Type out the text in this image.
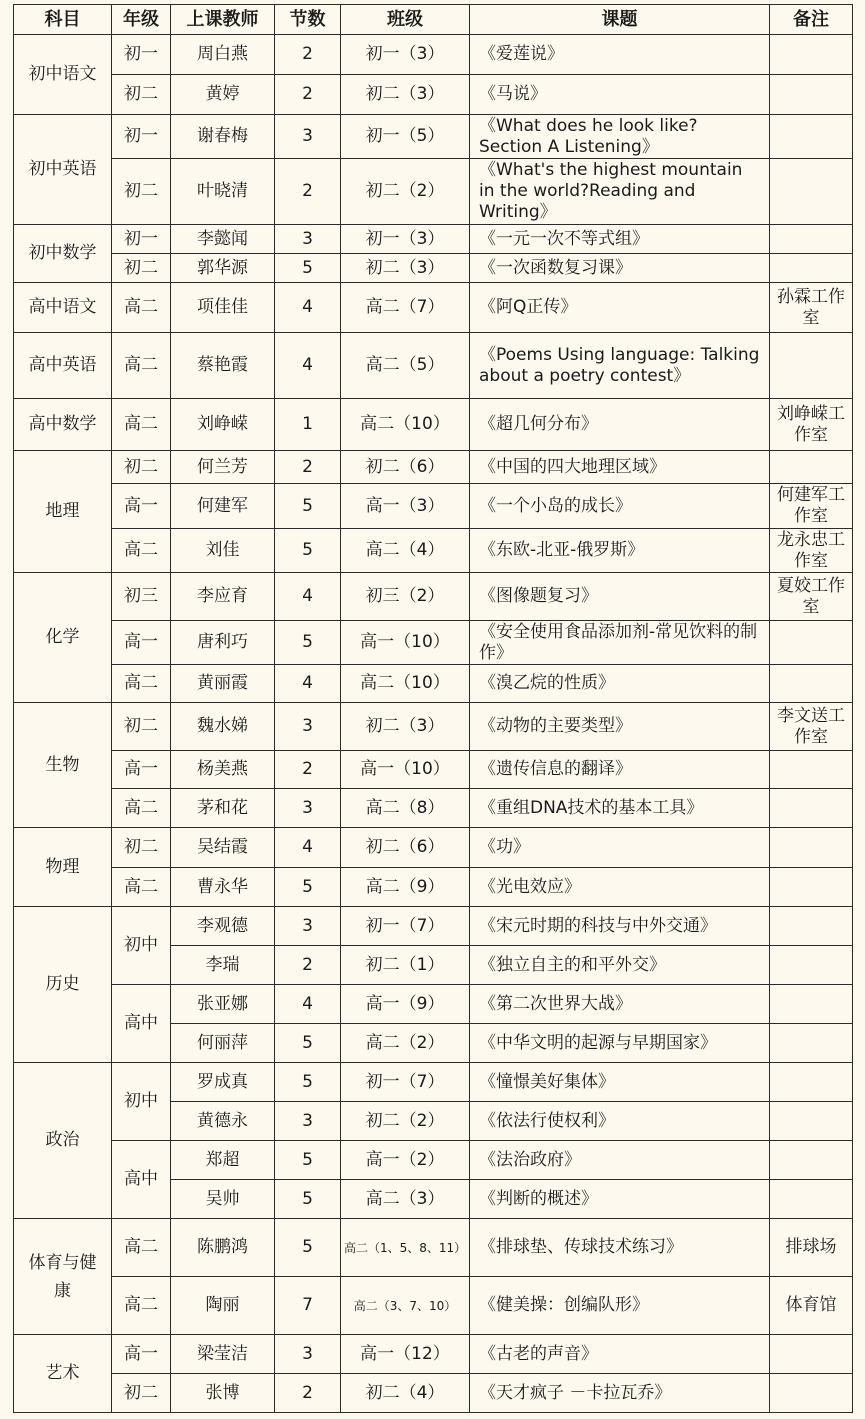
科目	年级	上课教师	节数	班级	课题	备注
初中语文	初一	周白燕	2	初一（3）	《爱莲说》	
	初二	黄婷	2	初二（3）	《马说》	
初中英语	初一	谢春梅	3	初一（5）	《What does he look like? Section A Listening》	
	初二	叶晓清	2	初二（2）	《What's the highest mountain in the world?Reading and Writing》	
初中数学	初一	李懿闻	3	初一（3）	《一元一次不等式组》	
	初二	郭华源	5	初二（3）	《一次函数复习课》	
高中语文	高二	项佳佳	4	高二（7）	《阿Q正传》	孙霖工作室
高中英语	高二	蔡艳霞	4	高二（5）	《Poems Using language: Talking about a poetry contest》	
高中数学	高二	刘峥嵘	1	高二（10）	《超几何分布》	刘峥嵘工作室
地理	初二	何兰芳	2	初二（6）	《中国的四大地理区域》	
	高一	何建军	5	高一（3）	《一个小岛的成长》	何建军工作室
	高二	刘佳	5	高二（4）	《东欧-北亚-俄罗斯》	龙永忠工作室
化学	初三	李应育	4	初三（2）	《图像题复习》	夏姣工作室
	高一	唐利巧	5	高一（10）	《安全使用食品添加剂-常见饮料的制作》	
	高二	黄丽霞	4	高二（10）	《溴乙烷的性质》	
生物	初二	魏水娣	3	初二（3）	《动物的主要类型》	李文送工作室
	高一	杨美燕	2	高一（10）	《遗传信息的翻译》	
	高二	茅和花	3	高二（8）	《重组DNA技术的基本工具》	
物理	初二	吴结霞	4	初二（6）	《功》	
	高二	曹永华	5	高二（9）	《光电效应》	
历史	初中	李观德	3	初一（7）	《宋元时期的科技与中外交通》	
		李瑞	2	初二（1）	《独立自主的和平外交》	
	高中	张亚娜	4	高一（9）	《第二次世界大战》	
		何丽萍	5	高二（2）	《中华文明的起源与早期国家》	
政治	初中	罗成真	5	初一（7）	《憧憬美好集体》	
		黄德永	3	初二（2）	《依法行使权利》	
	高中	郑超	5	高一（2）	《法治政府》	
		吴帅	5	高二（3）	《判断的概述》	
体育与健康	高二	陈鹏鸿	5	高二（1、5、8、11）	《排球垫、传球技术练习》	排球场
	高二	陶丽	7	高二（3、7、10）	《健美操：创编队形》	体育馆
艺术	高一	梁莹洁	3	高一（12）	《古老的声音》	
	初二	张博	2	初二（4）	《天才疯子 －卡拉瓦乔》	
